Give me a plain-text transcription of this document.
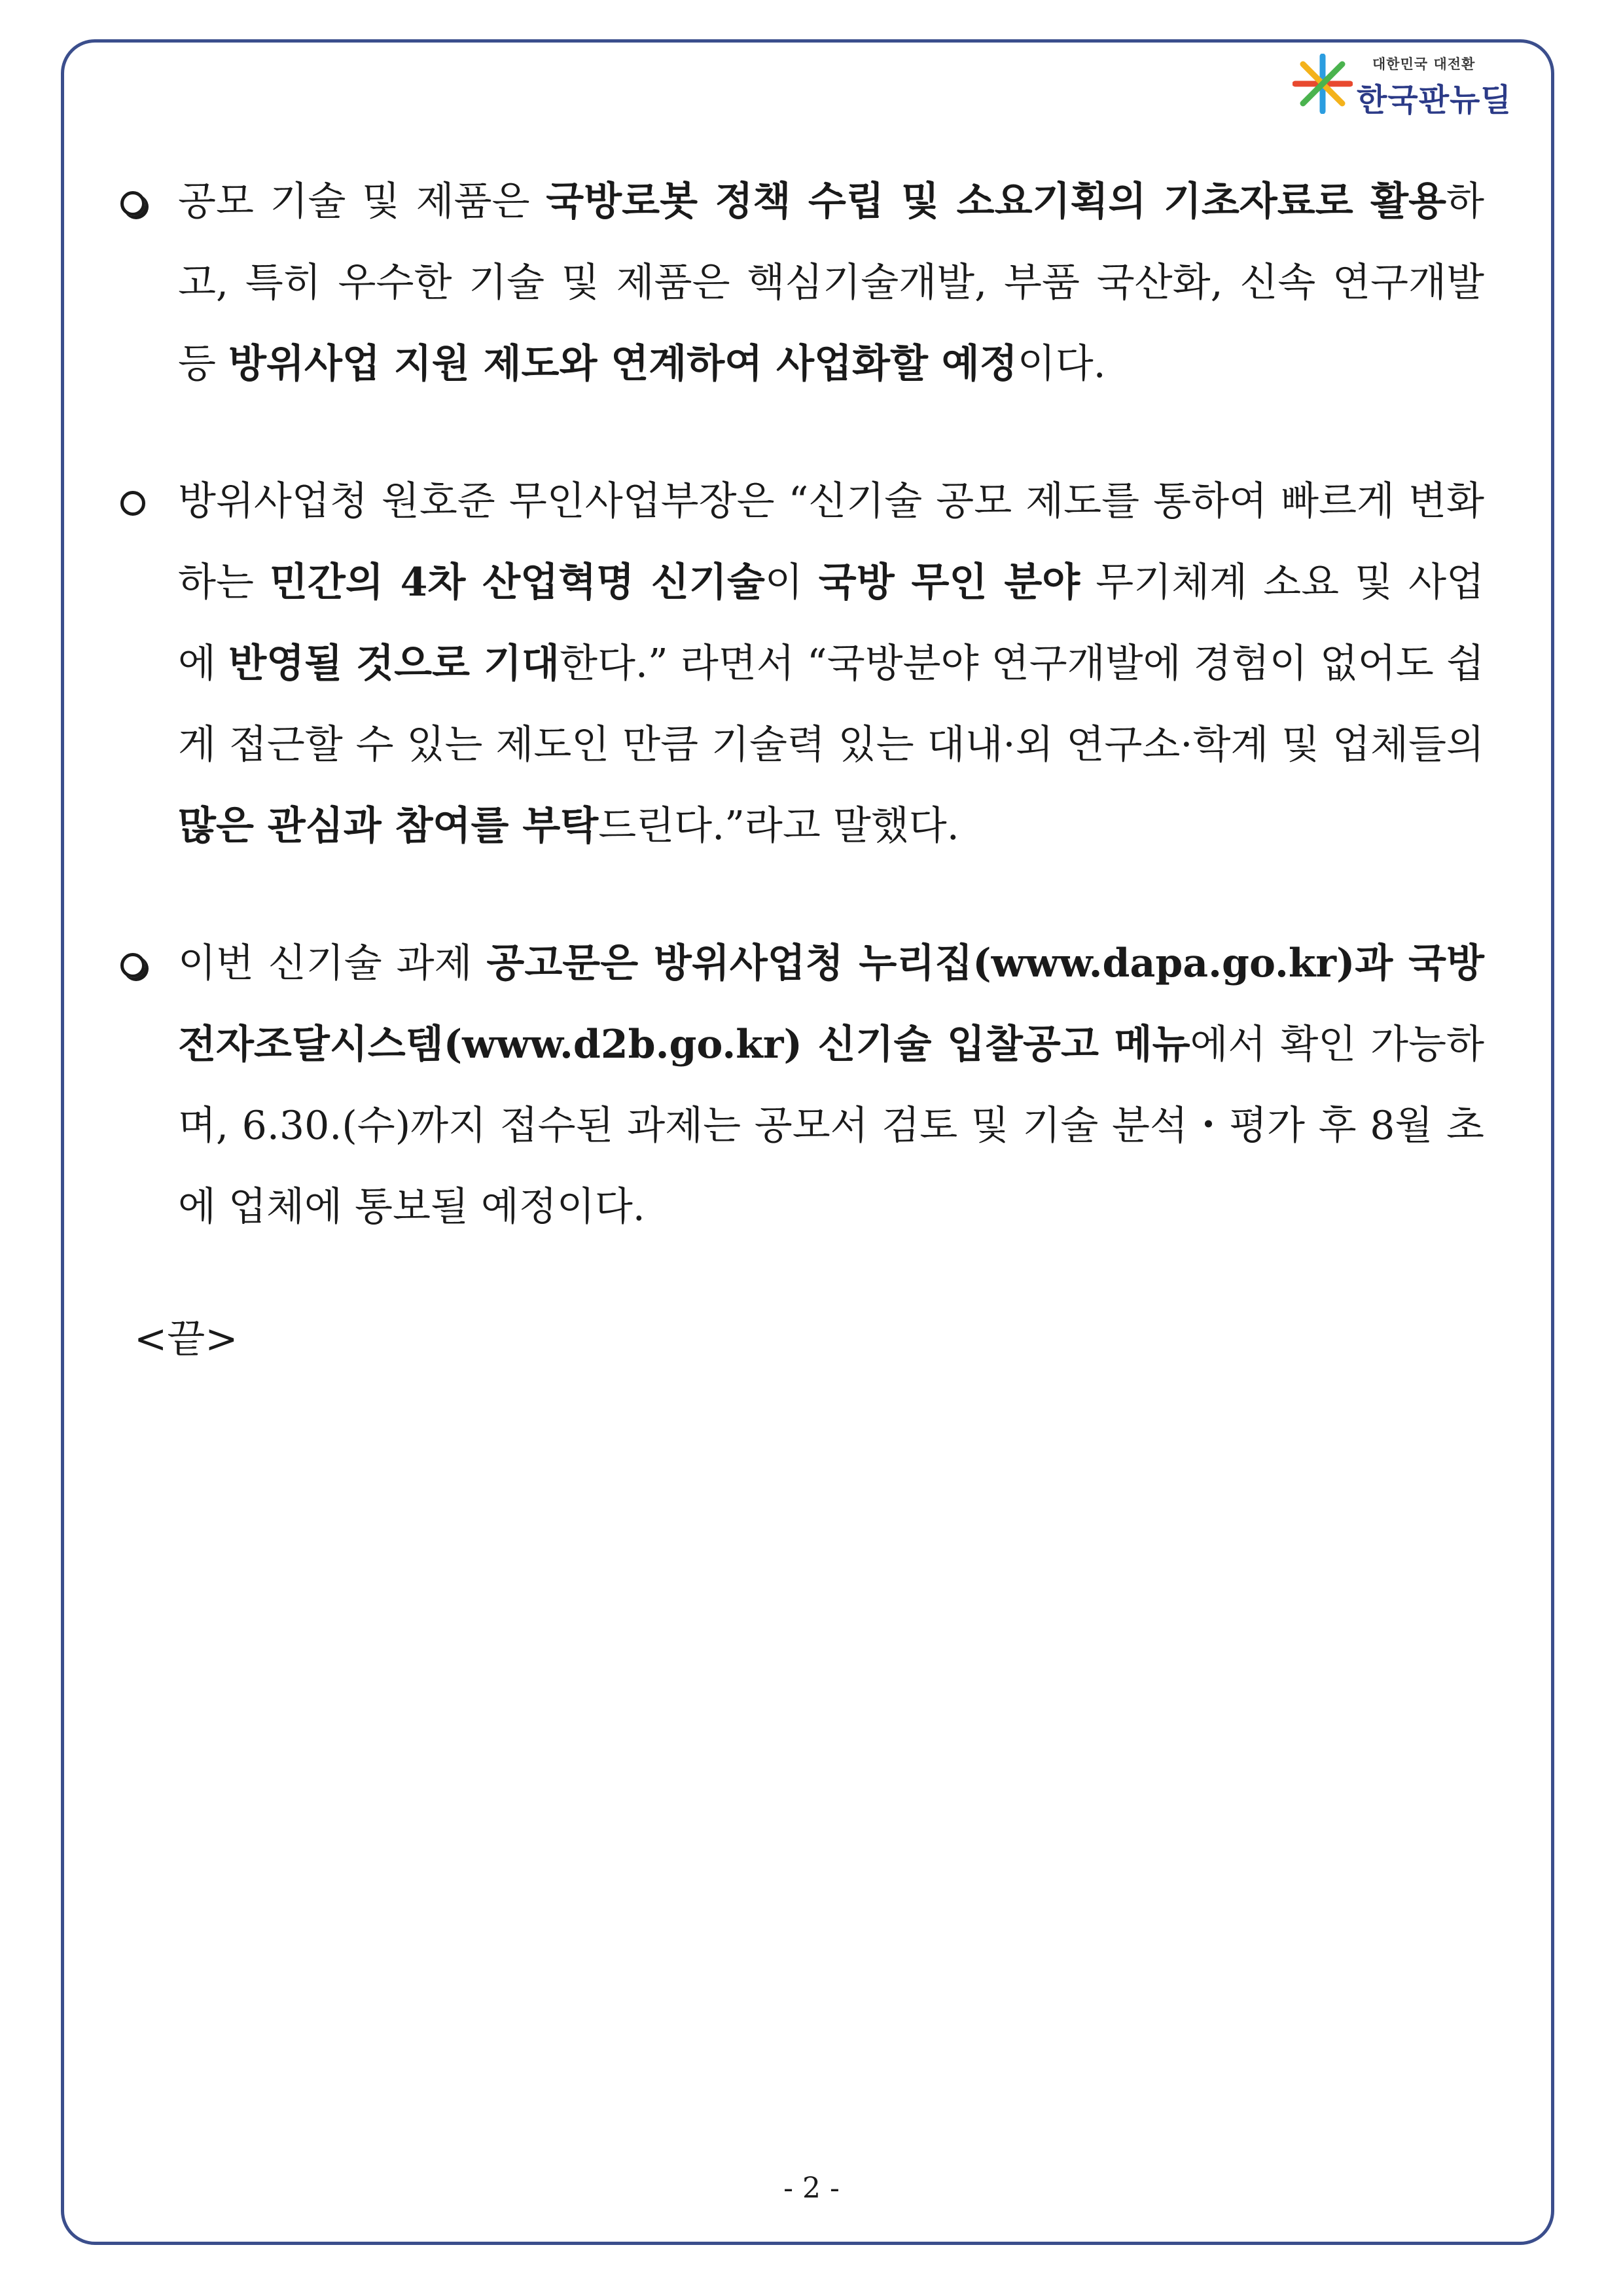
대한민국 대전환
한국판뉴딜
공모 기술 및 제품은 국방로봇 정책 수립 및 소요기획의 기초자료로 활용하고, 특히 우수한 기술 및 제품은 핵심기술개발, 부품 국산화, 신속 연구개발 등 방위사업 지원 제도와 연계하여 사업화할 예정이다.
방위사업청 원호준 무인사업부장은 “신기술 공모 제도를 통하여 빠르게 변화하는 민간의 4차 산업혁명 신기술이 국방 무인 분야 무기체계 소요 및 사업에 반영될 것으로 기대한다.” 라면서 “국방분야 연구개발에 경험이 없어도 쉽게 접근할 수 있는 제도인 만큼 기술력 있는 대내·외 연구소·학계 및 업체들의 많은 관심과 참여를 부탁드린다.”라고 말했다.
이번 신기술 과제 공고문은 방위사업청 누리집(www.dapa.go.kr)과 국방전자조달시스템(www.d2b.go.kr) 신기술 입찰공고 메뉴에서 확인 가능하며, 6.30.(수)까지 접수된 과제는 공모서 검토 및 기술 분석・평가 후 8월 초에 업체에 통보될 예정이다.
<끝>
- 2 -
